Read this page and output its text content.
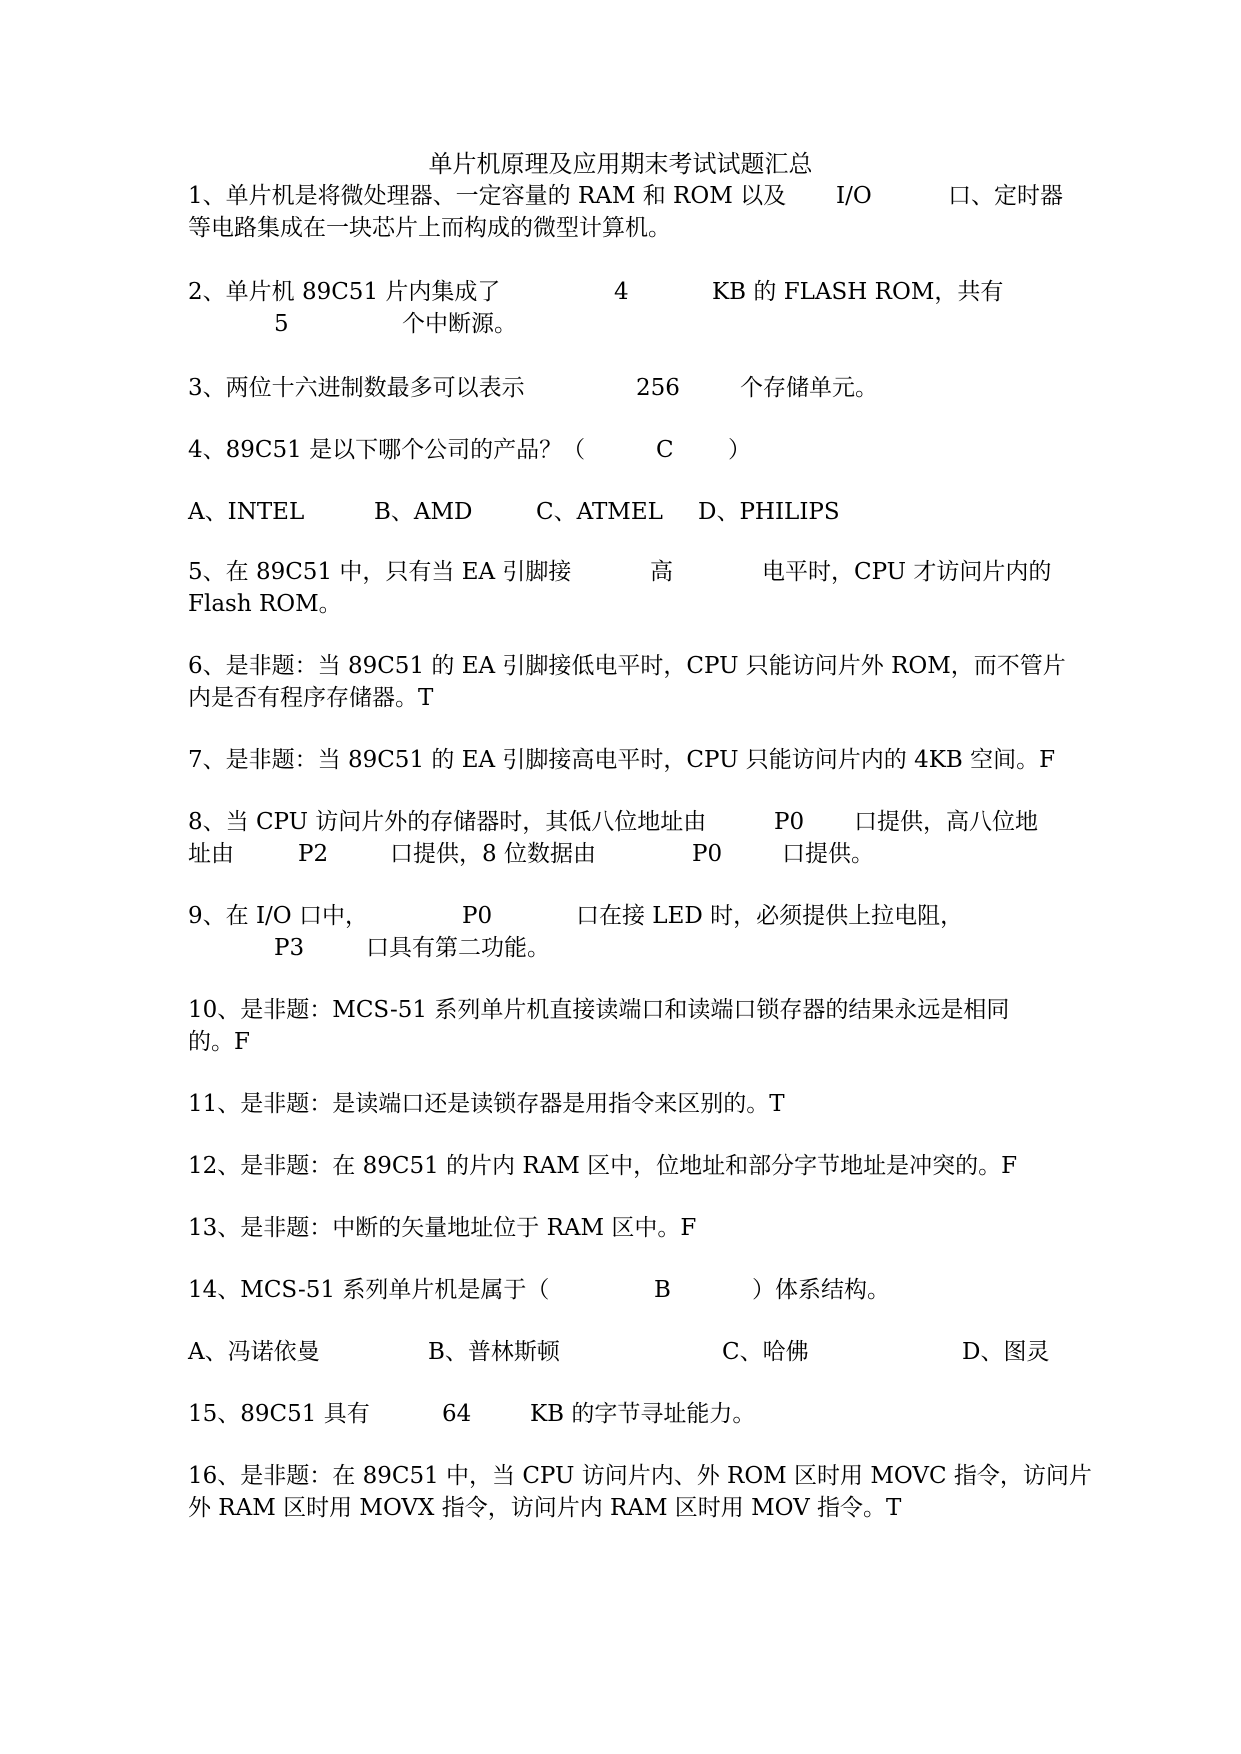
单片机原理及应用期末考试试题汇总
1、单片机是将微处理器、一定容量的 RAM 和 ROM 以及 I/O	口、定时器
等电路集成在一块芯片上而构成的微型计算机。
2、单片机 89C51 片内集成了	4	KB 的 FLASH ROM，共有
5	个中断源。
3、两位十六进制数最多可以表示	256	个存储单元。
4、89C51 是以下哪个公司的产品？（	C ）
A、INTEL	B、AMD	C、ATMEL D、PHILIPS
5、在 89C51 中，只有当 EA 引脚接	高	电平时，CPU 才访问片内的
Flash ROM。
6、是非题：当 89C51 的 EA 引脚接低电平时，CPU 只能访问片外 ROM，而不管片
内是否有程序存储器。T
7、是非题：当 89C51 的 EA 引脚接高电平时，CPU 只能访问片内的 4KB 空间。F
8、当 CPU 访问片外的存储器时，其低八位地址由	P0 口提供，高八位地
址由	P2	口提供，8 位数据由	P0	口提供。
9、在 I/O 口中，	P0	口在接 LED 时，必须提供上拉电阻，
P3	口具有第二功能。
10、是非题：MCS-51 系列单片机直接读端口和读端口锁存器的结果永远是相同
的。F
11、是非题：是读端口还是读锁存器是用指令来区别的。T
12、是非题：在 89C51 的片内 RAM 区中，位地址和部分字节地址是冲突的。F
13、是非题：中断的矢量地址位于 RAM 区中。F
14、MCS-51 系列单片机是属于（	B	）体系结构。
A、冯诺依曼	B、普林斯顿	C、哈佛	D、图灵
15、89C51 具有	64	KB 的字节寻址能力。
16、是非题：在 89C51 中，当 CPU 访问片内、外 ROM 区时用 MOVC 指令，访问片
外 RAM 区时用 MOVX 指令，访问片内 RAM 区时用 MOV 指令。T
